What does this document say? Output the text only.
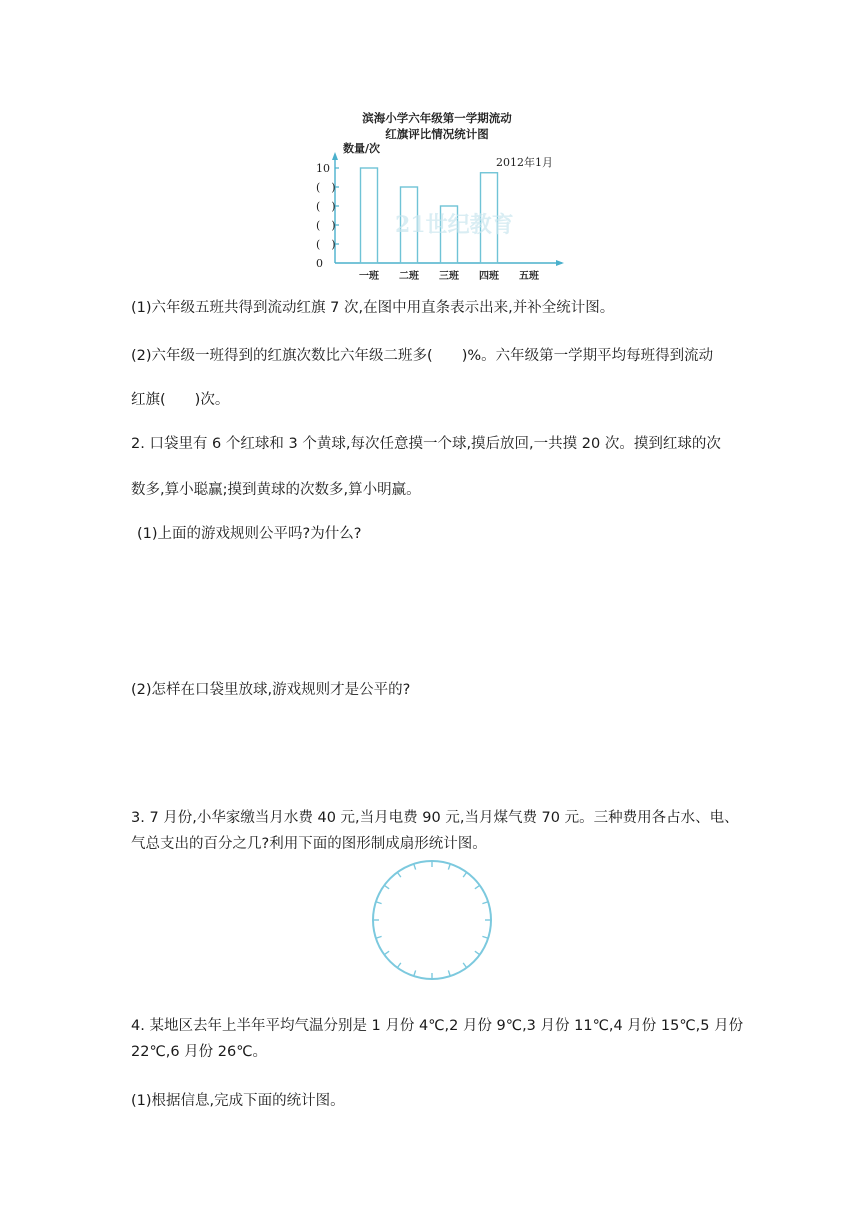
滨海小学六年级第一学期流动
红旗评比情况统计图
数量/次
2012年1月
10
(　)
(　)
(　)
(　)
0
一班 二班 三班 四班 五班
21世纪教育
(1)六年级五班共得到流动红旗 7 次,在图中用直条表示出来,并补全统计图。
(2)六年级一班得到的红旗次数比六年级二班多(　　)%。六年级第一学期平均每班得到流动
红旗(　　)次。
2. 口袋里有 6 个红球和 3 个黄球,每次任意摸一个球,摸后放回,一共摸 20 次。摸到红球的次
数多,算小聪赢;摸到黄球的次数多,算小明赢。
(1)上面的游戏规则公平吗?为什么?
(2)怎样在口袋里放球,游戏规则才是公平的?
3. 7 月份,小华家缴当月水费 40 元,当月电费 90 元,当月煤气费 70 元。三种费用各占水、电、
气总支出的百分之几?利用下面的图形制成扇形统计图。
4. 某地区去年上半年平均气温分别是 1 月份 4℃,2 月份 9℃,3 月份 11℃,4 月份 15℃,5 月份
22℃,6 月份 26℃。
(1)根据信息,完成下面的统计图。
